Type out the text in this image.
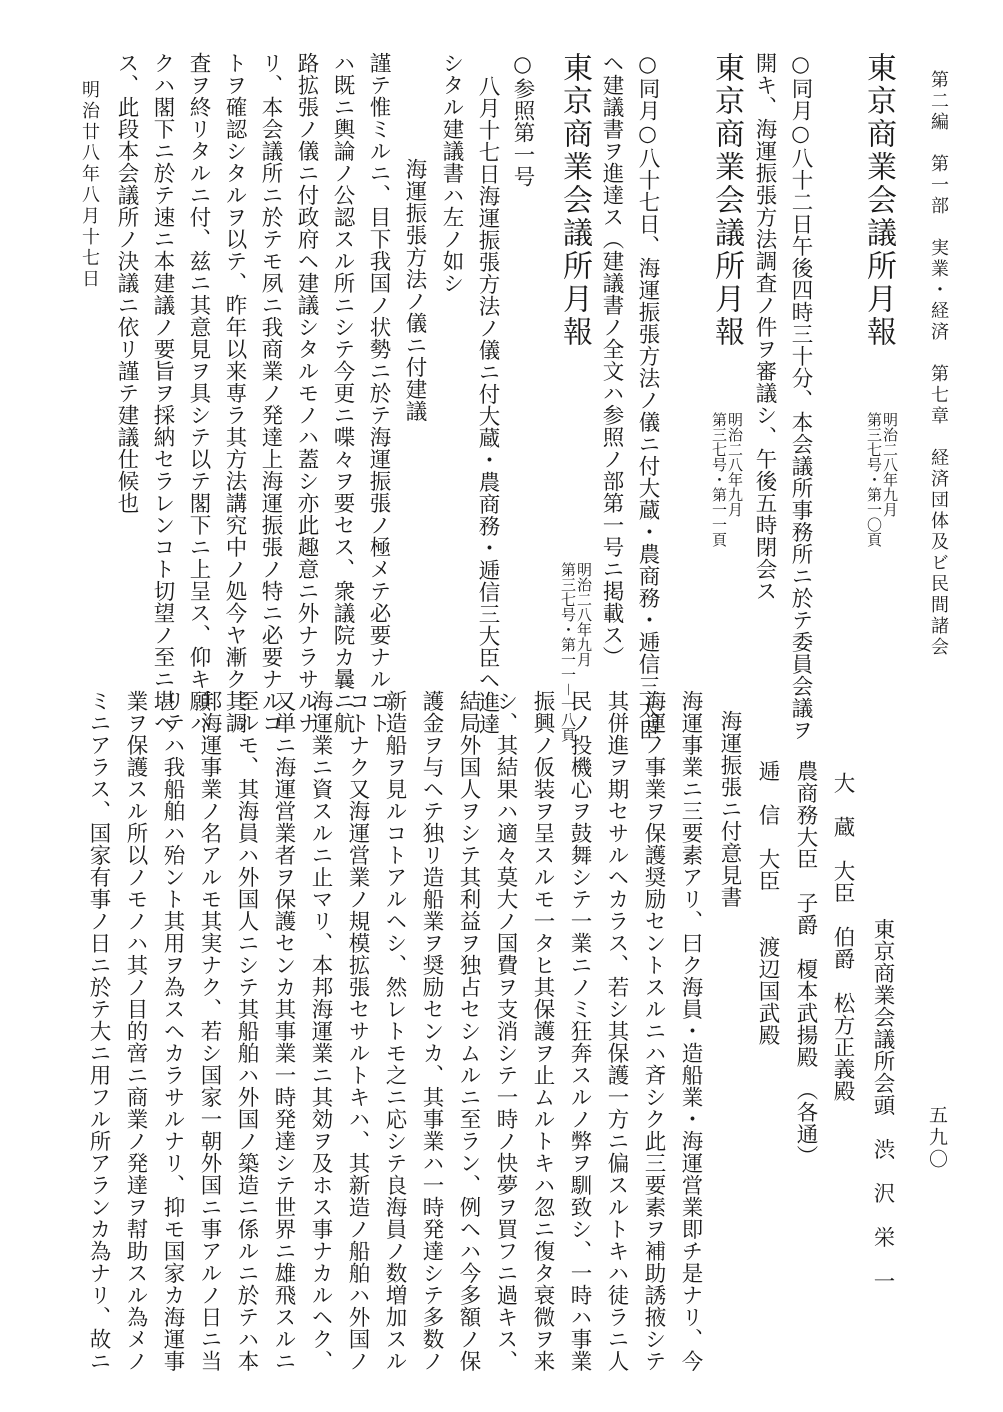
第二編　第一部　実業・経済　第七章　経済団体及ビ民間諸会
五九〇
東京商業会議所月報
第三七号・第一〇頁
明治二八年九月
○同月○八十二日午後四時三十分、本会議所事務所ニ於テ委員会議ヲ
開キ、海運振張方法調査ノ件ヲ審議シ、午後五時閉会ス
東京商業会議所月報
第三七号・第一一頁
明治二八年九月
○同月○八十七日、海運振張方法ノ儀ニ付大蔵・農商務・逓信三大臣
ヘ建議書ヲ進達ス（建議書ノ全文ハ参照ノ部第一号ニ掲載ス）
東京商業会議所月報
第三七号・第一一－一八頁
明治二八年九月
○参照第一号
八月十七日海運振張方法ノ儀ニ付大蔵・農商務・逓信三大臣ヘ進達
シタル建議書ハ左ノ如シ
海運振張方法ノ儀ニ付建議
謹テ惟ミルニ、目下我国ノ状勢ニ於テ海運振張ノ極メテ必要ナルコト
ハ既ニ輿論ノ公認スル所ニシテ今更ニ喋々ヲ要セス、衆議院カ曩ニ航
路拡張ノ儀ニ付政府ヘ建議シタルモノハ蓋シ亦此趣意ニ外ナラサルナ
リ、本会議所ニ於テモ夙ニ我商業ノ発達上海運振張ノ特ニ必要ナルコ
トヲ確認シタルヲ以テ、昨年以来専ラ其方法講究中ノ処今ヤ漸ク其調
査ヲ終リタルニ付、兹ニ其意見ヲ具シテ以テ閣下ニ上呈ス、仰キ願ハ
クハ閣下ニ於テ速ニ本建議ノ要旨ヲ採納セラレンコト切望ノ至ニ堪ヘ
ス、此段本会議所ノ決議ニ依リ謹テ建議仕候也
明治廿八年八月十七日
東京商業会議所会頭　渋　沢　栄　一
大　蔵　大臣　伯爵　松方正義殿
農商務大臣　子爵　榎本武揚殿　（各通）
逓　信　大臣　　渡辺国武殿
海運振張ニ付意見書
海運事業ニ三要素アリ、曰ク海員・造船業・海運営業即チ是ナリ、今
海運ノ事業ヲ保護奨励セントスルニハ斉シク此三要素ヲ補助誘掖シテ
其併進ヲ期セサルヘカラス、若シ其保護一方ニ偏スルトキハ徒ラニ人
民ノ投機心ヲ鼓舞シテ一業ニノミ狂奔スルノ弊ヲ馴致シ、一時ハ事業
振興ノ仮装ヲ呈スルモ一タヒ其保護ヲ止ムルトキハ忽ニ復タ衰微ヲ来
シ、其結果ハ適々莫大ノ国費ヲ支消シテ一時ノ快夢ヲ買フニ過キス、
結局外国人ヲシテ其利益ヲ独占セシムルニ至ラン、例ヘハ今多額ノ保
護金ヲ与ヘテ独リ造船業ヲ奨励センカ、其事業ハ一時発達シテ多数ノ
新造船ヲ見ルコトアルヘシ、然レトモ之ニ応シテ良海員ノ数増加スル
コトナク又海運営業ノ規模拡張セサルトキハ、其新造ノ船舶ハ外国ノ
海運業ニ資スルニ止マリ、本邦海運業ニ其効ヲ及ホス事ナカルヘク、
又単ニ海運営業者ヲ保護センカ其事業一時発達シテ世界ニ雄飛スルニ
至ルモ、其海員ハ外国人ニシテ其船舶ハ外国ノ築造ニ係ルニ於テハ本
邦海運事業ノ名アルモ其実ナク、若シ国家一朝外国ニ事アルノ日ニ当
リテハ我船舶ハ殆ント其用ヲ為スヘカラサルナリ、抑モ国家カ海運事
業ヲ保護スル所以ノモノハ其ノ目的啻ニ商業ノ発達ヲ幇助スル為メノ
ミニアラス、国家有事ノ日ニ於テ大ニ用フル所アランカ為ナリ、故ニ
